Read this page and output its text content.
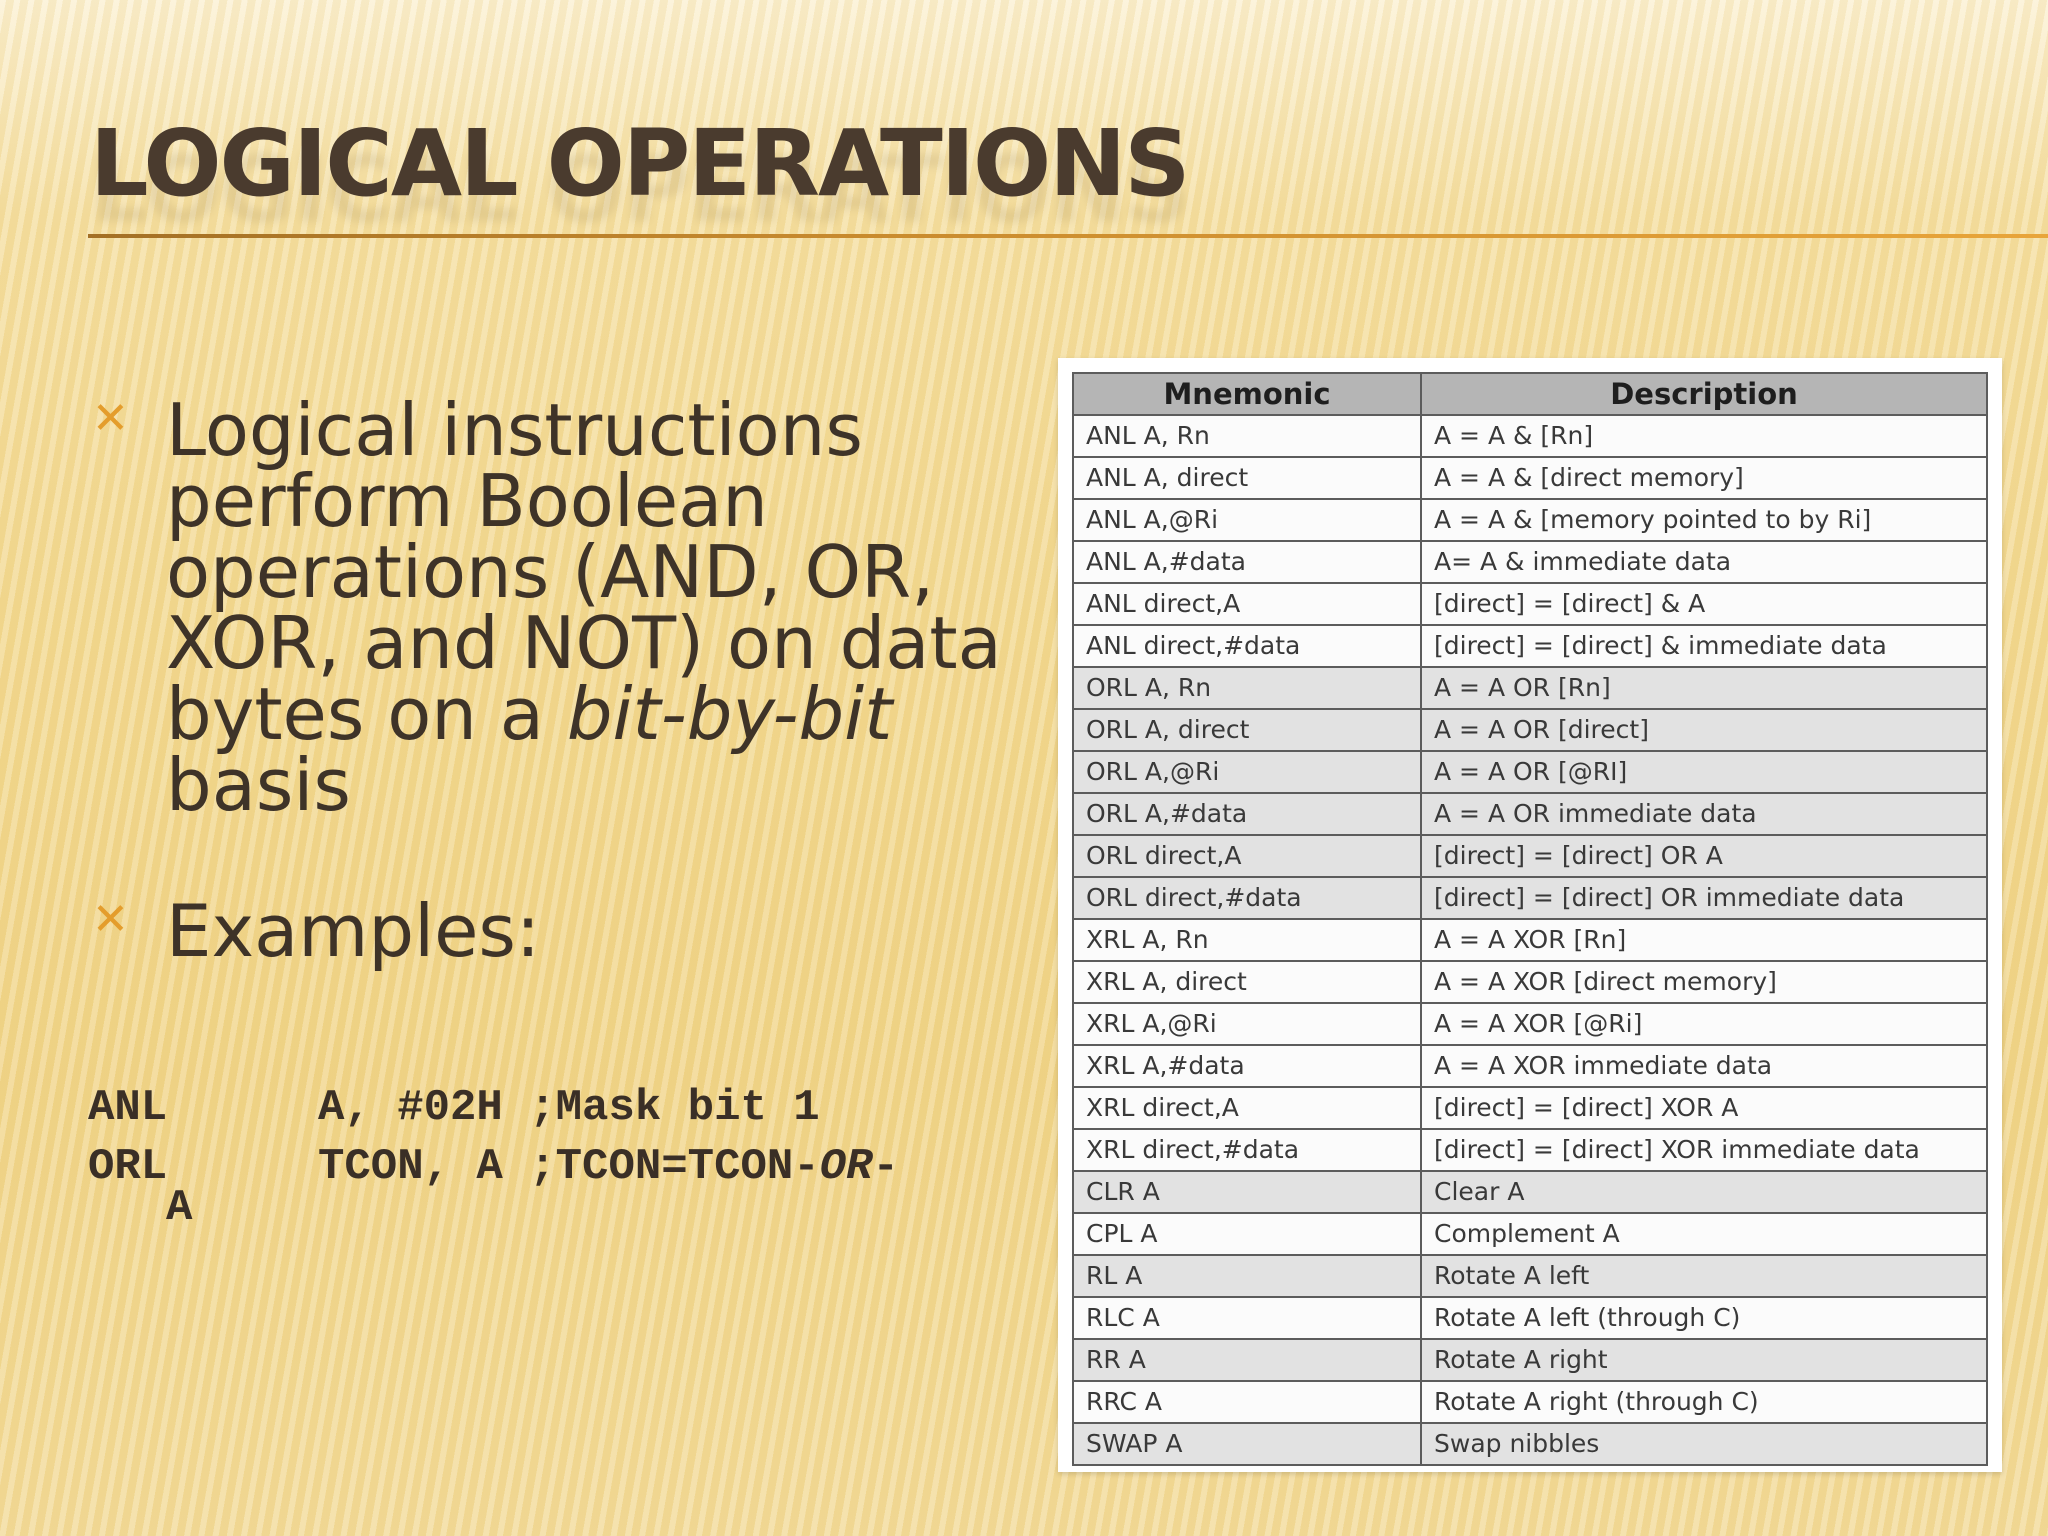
LOGICAL OPERATIONS
✕ Logical instructions perform Boolean operations (AND, OR, XOR, and NOT) on data bytes on a bit-by-bit basis
✕ Examples:
ANL	A, #02H ;Mask bit 1
ORL	TCON, A ;TCON=TCON-OR-
A
Mnemonic	Description
ANL A, Rn	A = A & [Rn]
ANL A, direct	A = A & [direct memory]
ANL A,@Ri	A = A & [memory pointed to by Ri]
ANL A,#data	A= A & immediate data
ANL direct,A	[direct] = [direct] & A
ANL direct,#data	[direct] = [direct] & immediate data
ORL A, Rn	A = A OR [Rn]
ORL A, direct	A = A OR [direct]
ORL A,@Ri	A = A OR [@RI]
ORL A,#data	A = A OR immediate data
ORL direct,A	[direct] = [direct] OR A
ORL direct,#data	[direct] = [direct] OR immediate data
XRL A, Rn	A = A XOR [Rn]
XRL A, direct	A = A XOR [direct memory]
XRL A,@Ri	A = A XOR [@Ri]
XRL A,#data	A = A XOR immediate data
XRL direct,A	[direct] = [direct] XOR A
XRL direct,#data	[direct] = [direct] XOR immediate data
CLR A	Clear A
CPL A	Complement A
RL A	Rotate A left
RLC A	Rotate A left (through C)
RR A	Rotate A right
RRC A	Rotate A right (through C)
SWAP A	Swap nibbles
